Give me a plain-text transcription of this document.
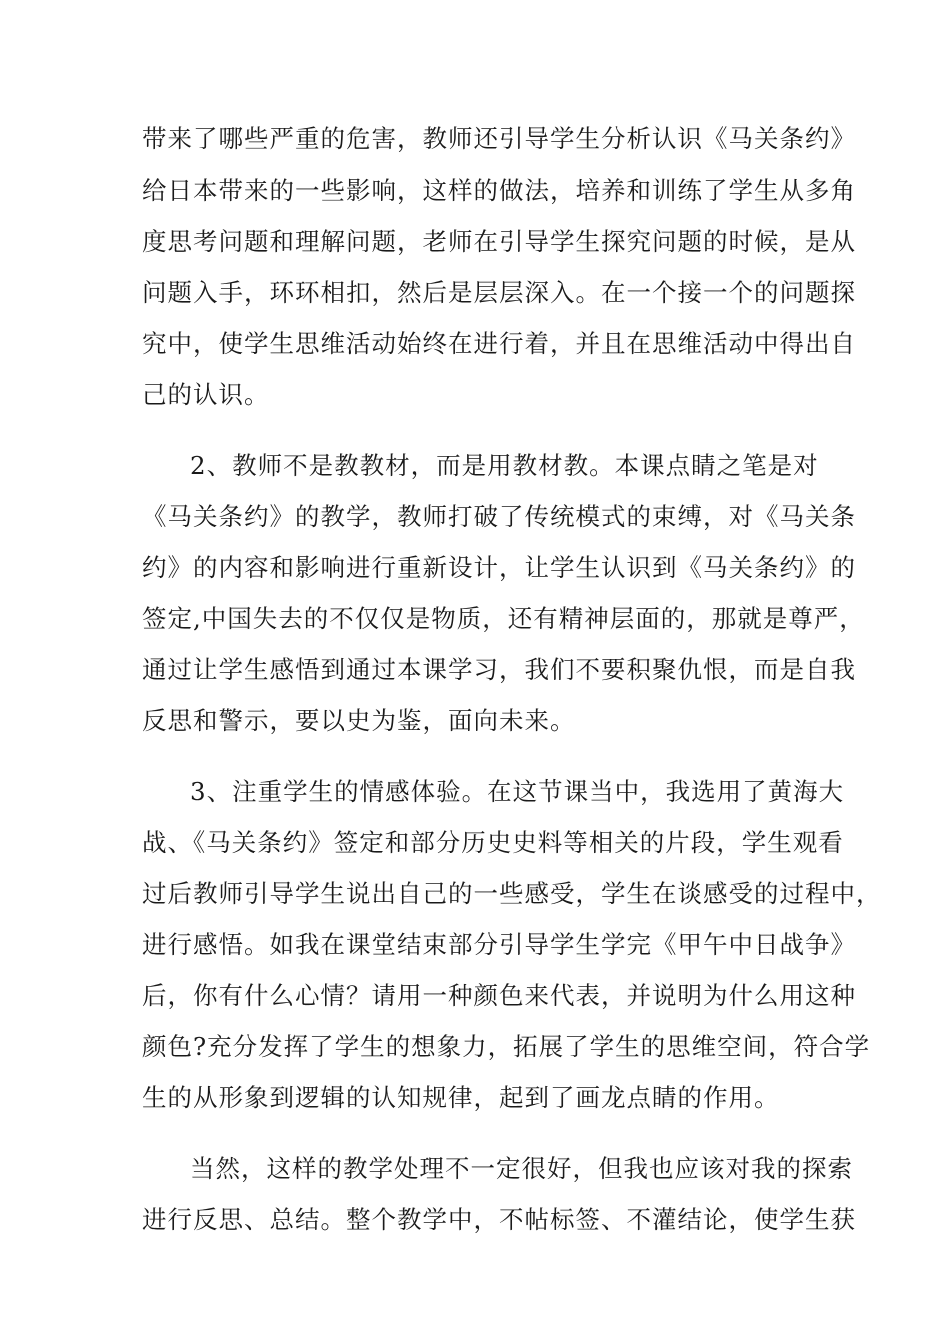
带来了哪些严重的危害，教师还引导学生分析认识《马关条约》
给日本带来的一些影响，这样的做法，培养和训练了学生从多角
度思考问题和理解问题，老师在引导学生探究问题的时候，是从
问题入手，环环相扣，然后是层层深入。在一个接一个的问题探
究中，使学生思维活动始终在进行着，并且在思维活动中得出自
己的认识。
2、教师不是教教材，而是用教材教。本课点睛之笔是对
《马关条约》的教学，教师打破了传统模式的束缚，对《马关条
约》的内容和影响进行重新设计，让学生认识到《马关条约》的
签定,中国失去的不仅仅是物质，还有精神层面的，那就是尊严，
通过让学生感悟到通过本课学习，我们不要积聚仇恨，而是自我
反思和警示，要以史为鉴，面向未来。
3、注重学生的情感体验。在这节课当中，我选用了黄海大
战、《马关条约》签定和部分历史史料等相关的片段，学生观看
过后教师引导学生说出自己的一些感受，学生在谈感受的过程中，
进行感悟。如我在课堂结束部分引导学生学完《甲午中日战争》
后，你有什么心情？请用一种颜色来代表，并说明为什么用这种
颜色?充分发挥了学生的想象力，拓展了学生的思维空间，符合学
生的从形象到逻辑的认知规律，起到了画龙点睛的作用。
当然，这样的教学处理不一定很好，但我也应该对我的探索
进行反思、总结。整个教学中，不帖标签、不灌结论，使学生获
